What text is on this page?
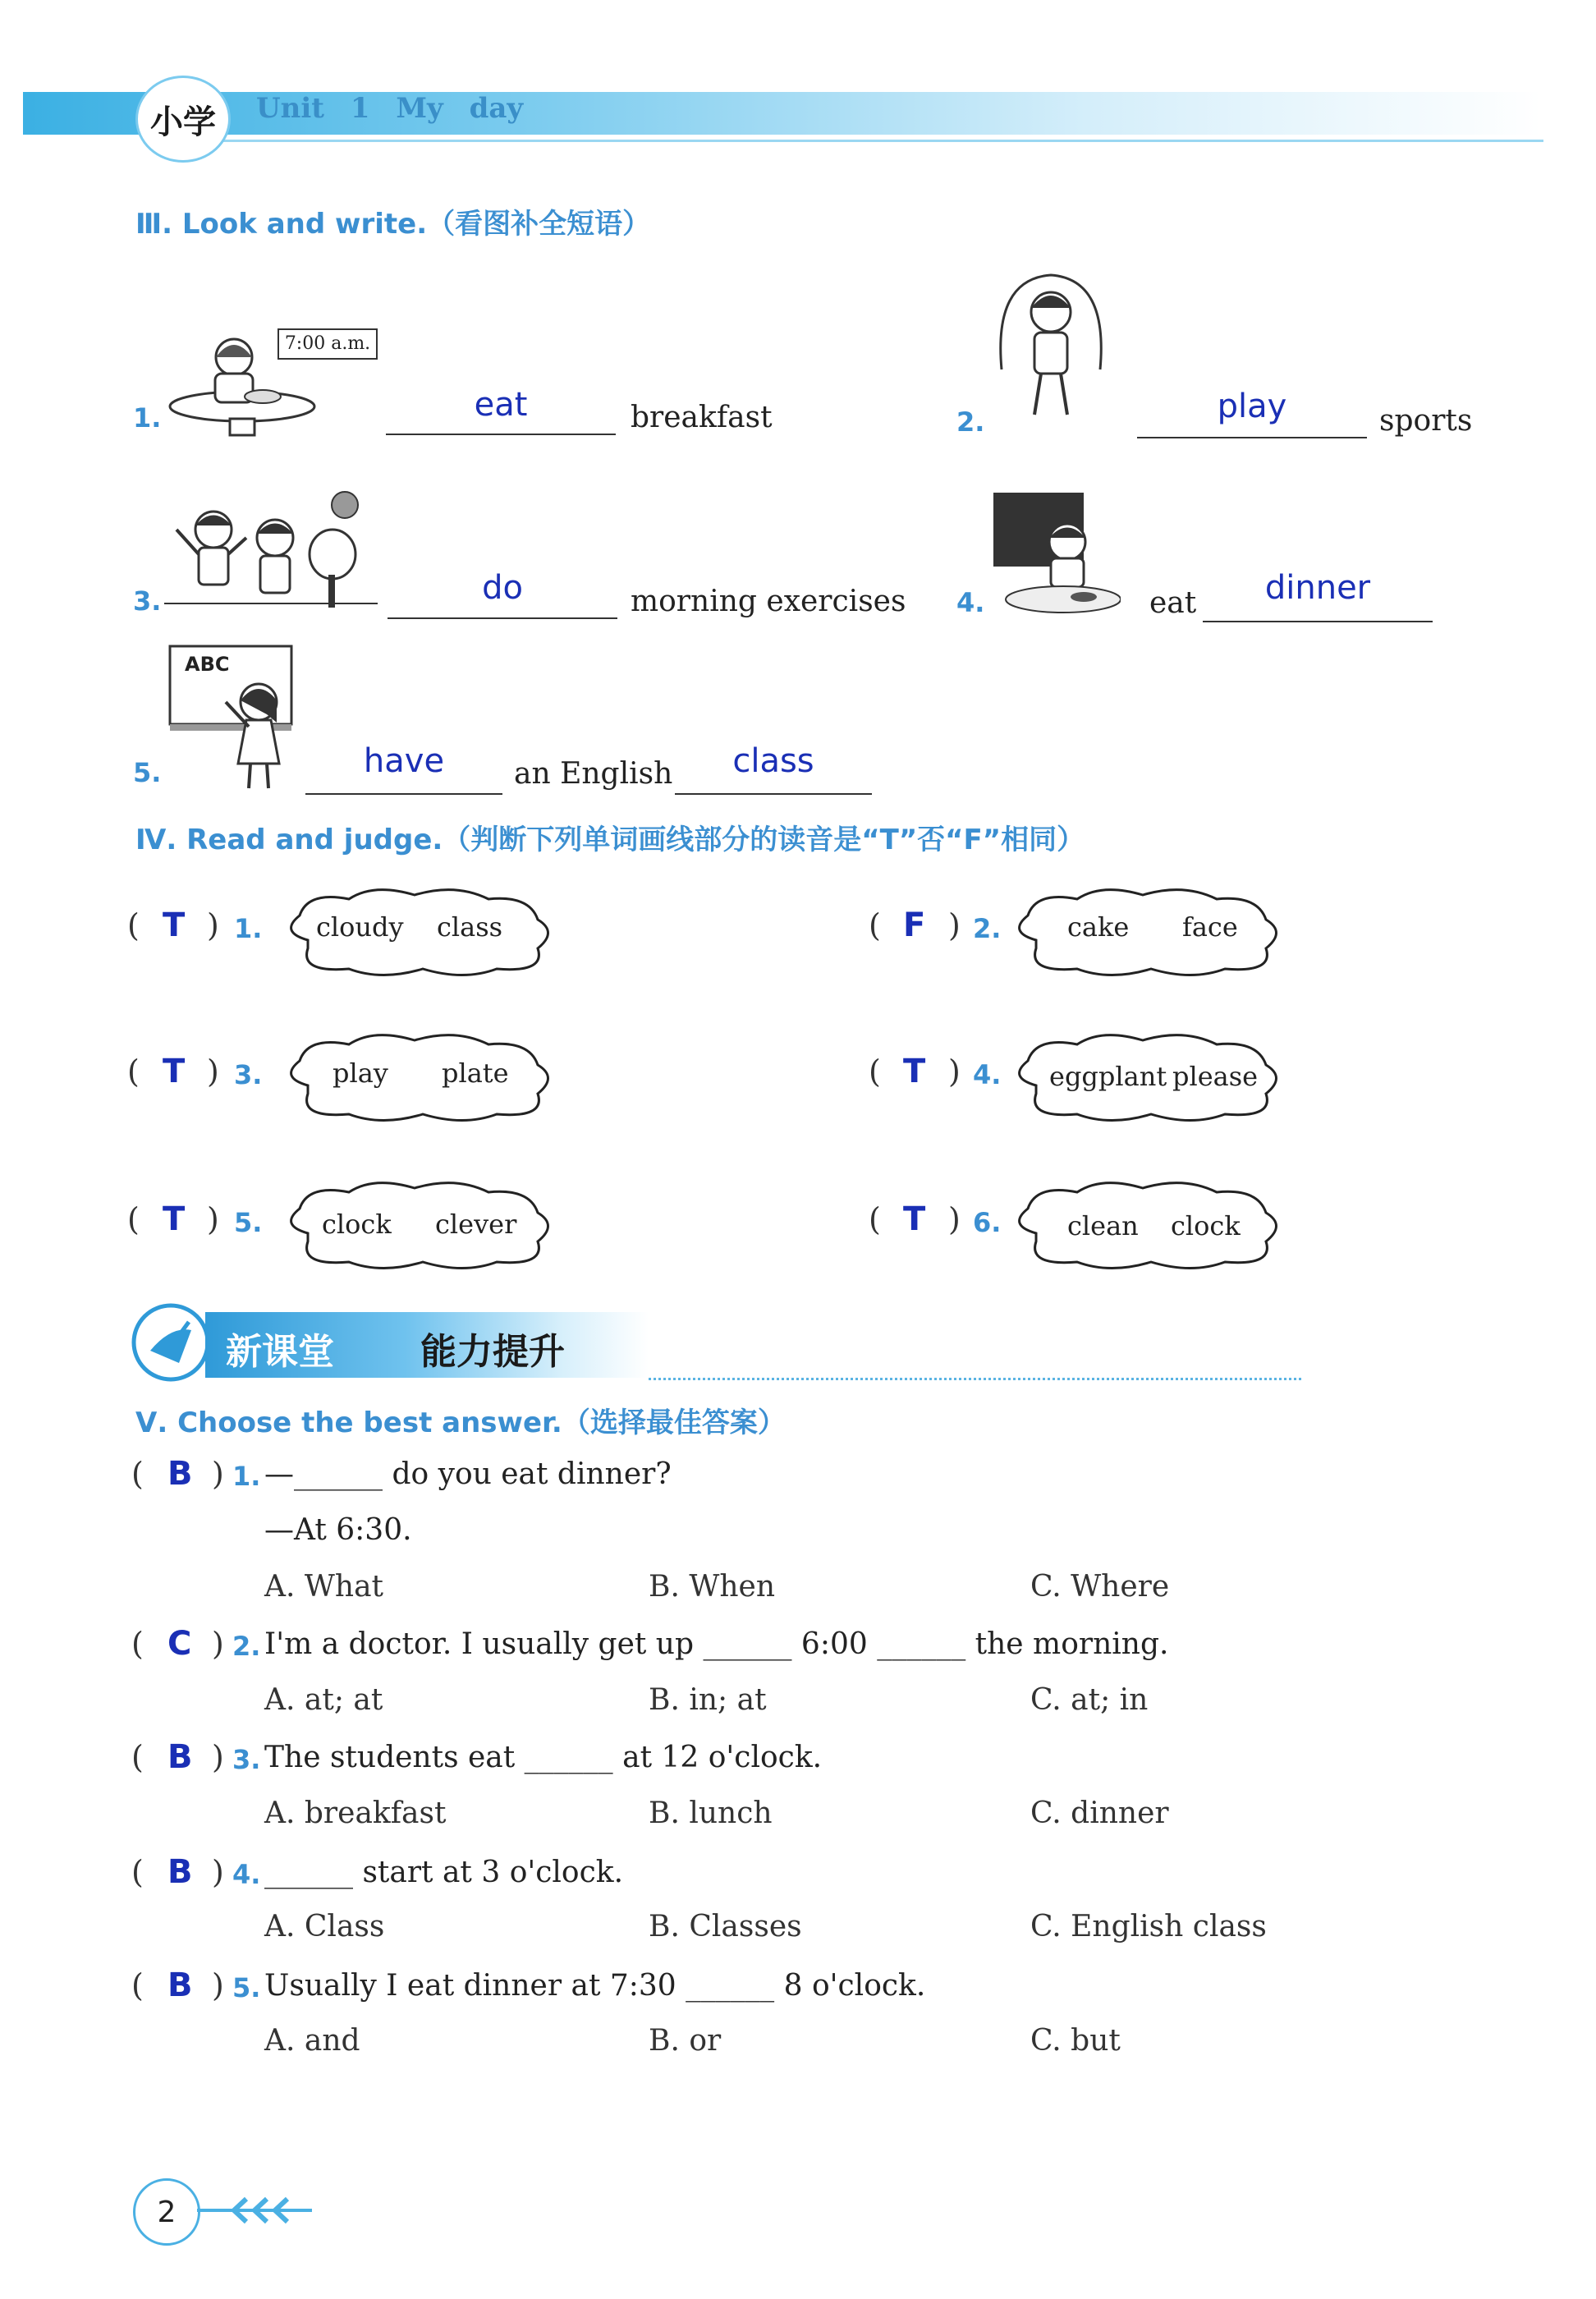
小学 Unit 1 My day
Ⅲ. Look and write.（看图补全短语）
7:00 a.m.
1.	eat	breakfast	2.	play	sports
3.	do	morning exercises 4.	eat	dinner
ABC
5.	have	an English	class
Ⅳ. Read and judge.（判断下列单词画线部分的读音是“T”否“F”相同）
( T ) 1. cloudy class	( F ) 2.	cake face
( T ) 3.	play plate	( T ) 4. eggplant please
( T ) 5. clock clever	( T ) 6.	clean clock
新课堂 能力提升
Ⅴ. Choose the best answer.（选择最佳答案）
( B ) 1. —______ do you eat dinner?
—At 6:30.
A. What	B. When	C. Where
( C ) 2. I'm a doctor. I usually get up ______ 6:00 ______ the morning.
A. at; at	B. in; at	C. at; in
( B ) 3. The students eat ______ at 12 o'clock.
A. breakfast	B. lunch	C. dinner
( B ) 4. ______ start at 3 o'clock.
A. Class	B. Classes	C. English class
( B ) 5. Usually I eat dinner at 7:30 ______ 8 o'clock.
A. and	B. or	C. but
2
